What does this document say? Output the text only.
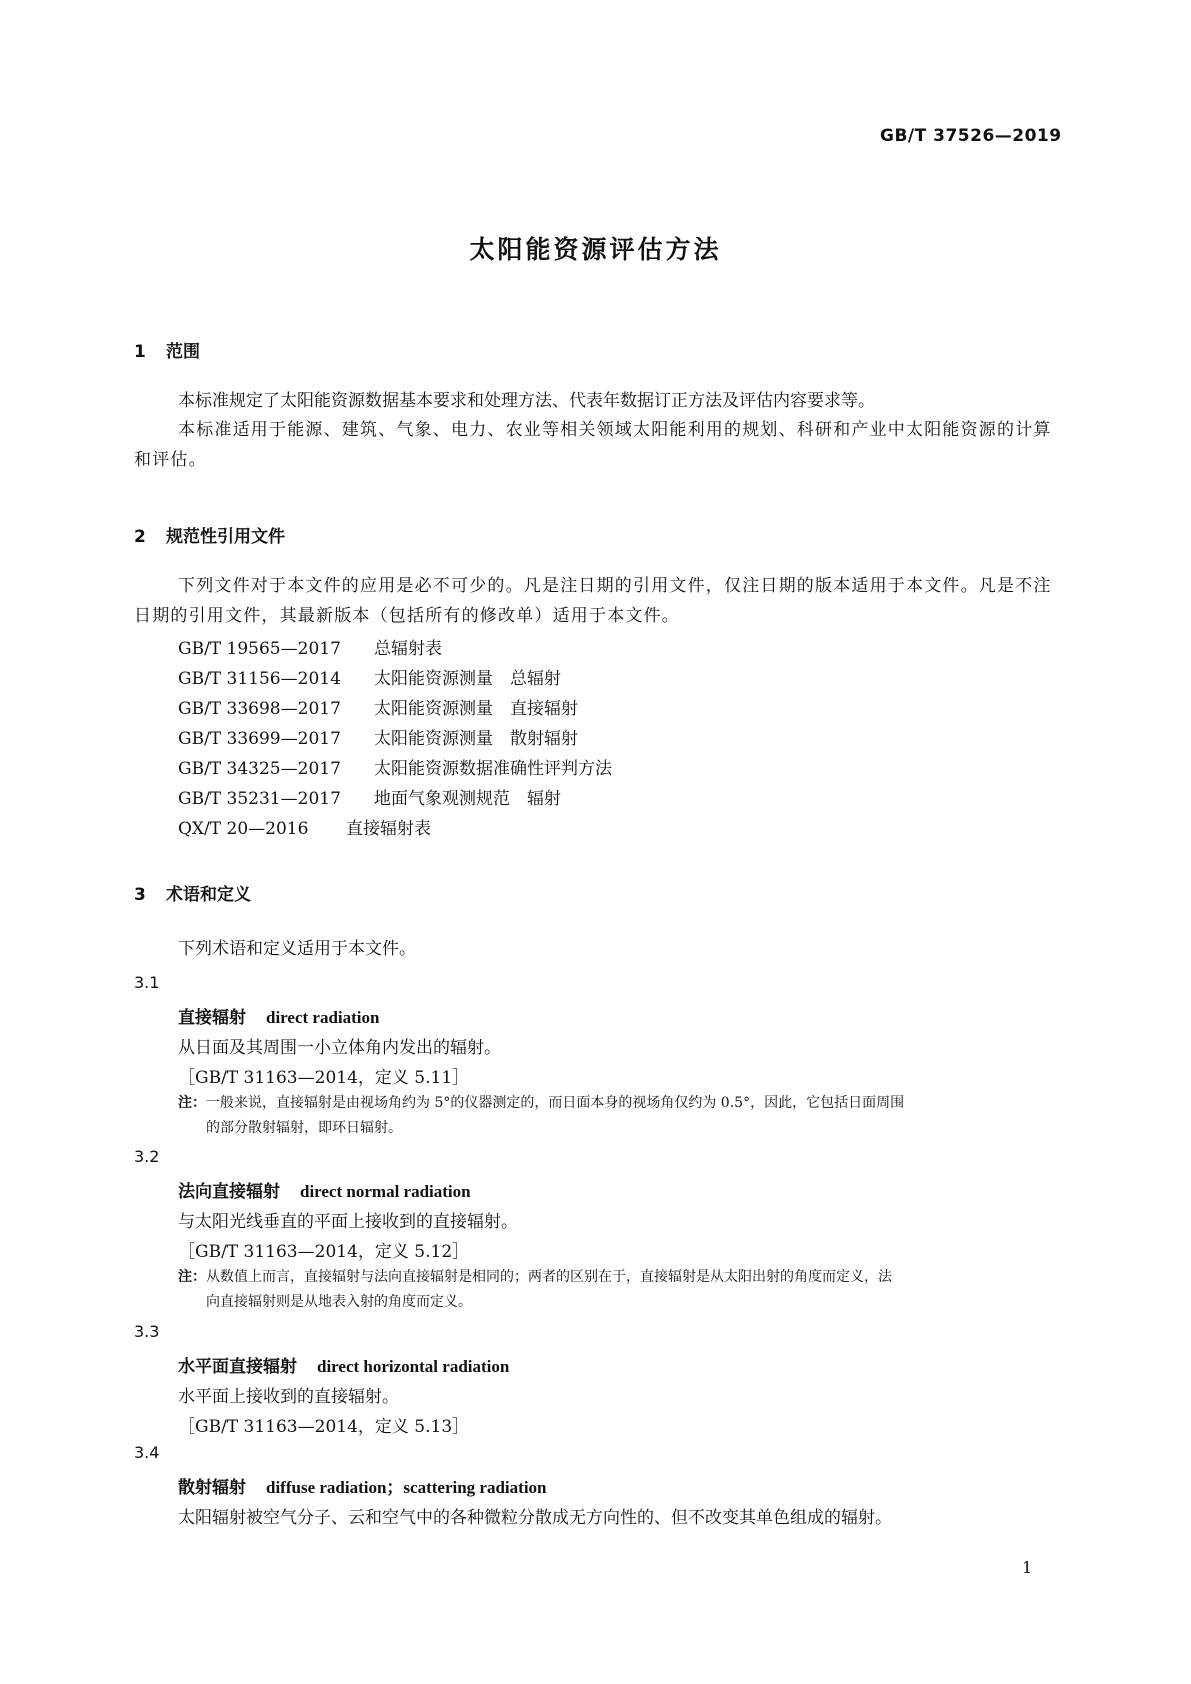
GB/T 37526—2019
太阳能资源评估方法
1 范围
本标准规定了太阳能资源数据基本要求和处理方法、代表年数据订正方法及评估内容要求等。
本标准适用于能源、建筑、气象、电力、农业等相关领域太阳能利用的规划、科研和产业中太阳能资源的计算和评估。
2 规范性引用文件
下列文件对于本文件的应用是必不可少的。凡是注日期的引用文件，仅注日期的版本适用于本文件。凡是不注日期的引用文件，其最新版本（包括所有的修改单）适用于本文件。
GB/T 19565—2017 总辐射表
GB/T 31156—2014 太阳能资源测量　总辐射
GB/T 33698—2017 太阳能资源测量　直接辐射
GB/T 33699—2017 太阳能资源测量　散射辐射
GB/T 34325—2017 太阳能资源数据准确性评判方法
GB/T 35231—2017 地面气象观测规范　辐射
QX/T 20—2016 直接辐射表
3 术语和定义
下列术语和定义适用于本文件。
3.1
直接辐射 direct radiation
从日面及其周围一小立体角内发出的辐射。
［GB/T 31163—2014，定义 5.11］
注：一般来说，直接辐射是由视场角约为 5°的仪器测定的，而日面本身的视场角仅约为 0.5°，因此，它包括日面周围
的部分散射辐射，即环日辐射。
3.2
法向直接辐射 direct normal radiation
与太阳光线垂直的平面上接收到的直接辐射。
［GB/T 31163—2014，定义 5.12］
注：从数值上而言，直接辐射与法向直接辐射是相同的；两者的区别在于，直接辐射是从太阳出射的角度而定义，法
向直接辐射则是从地表入射的角度而定义。
3.3
水平面直接辐射 direct horizontal radiation
水平面上接收到的直接辐射。
［GB/T 31163—2014，定义 5.13］
3.4
散射辐射 diffuse radiation；scattering radiation
太阳辐射被空气分子、云和空气中的各种微粒分散成无方向性的、但不改变其单色组成的辐射。
1
